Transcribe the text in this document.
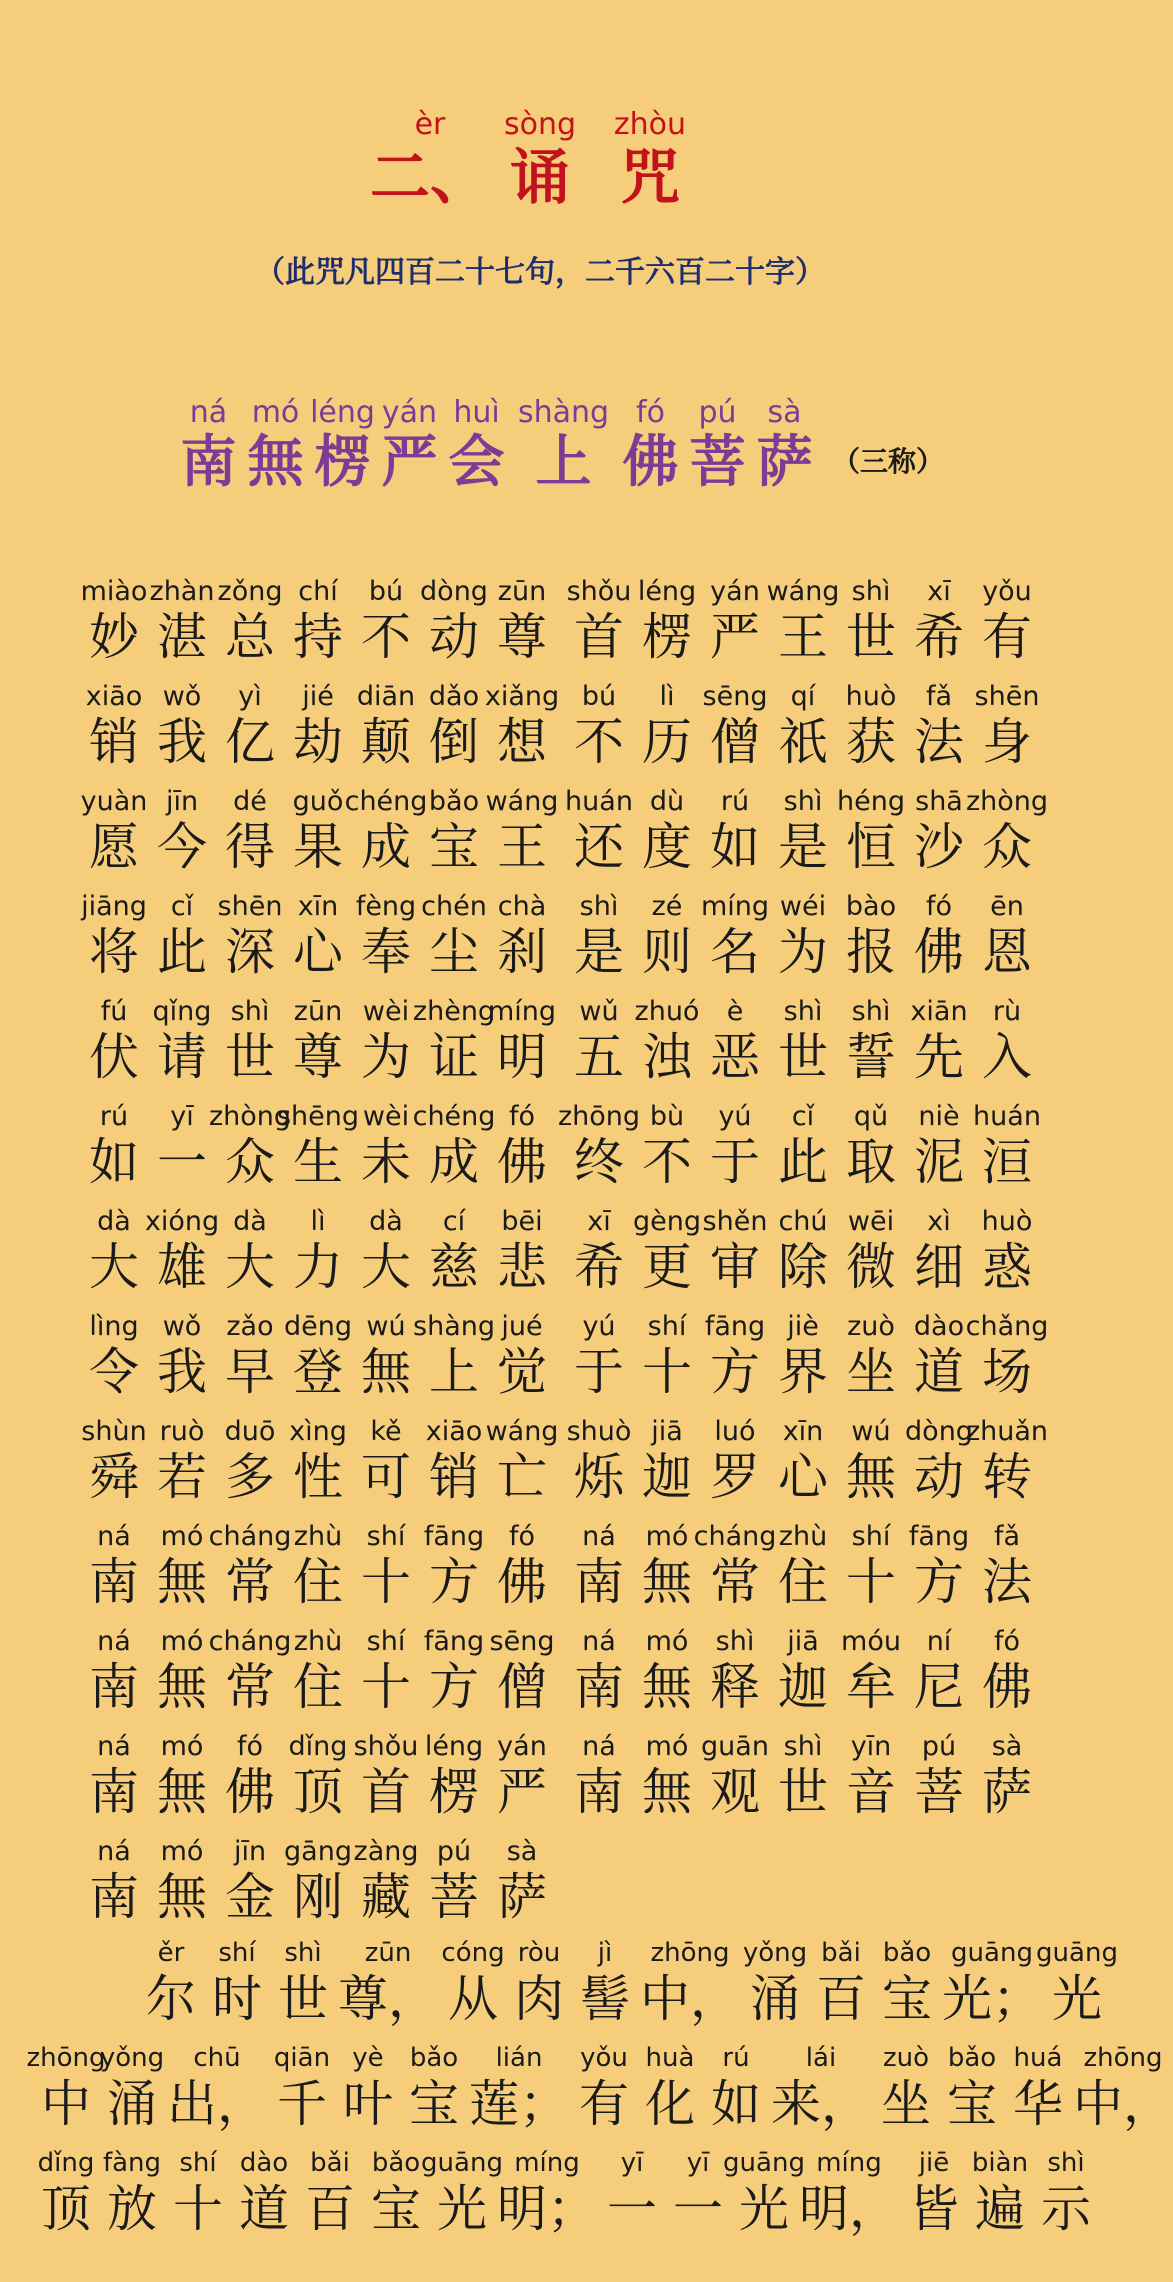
èr
二、
sòng
诵
zhòu
咒
（此咒凡四百二十七句，二千六百二十字）
ná
南
mó
無
léng
楞
yán
严
huì
会
shàng
上
fó
佛
pú
菩
sà
萨 （三称）
miào
妙
zhàn
湛
zǒng
总
chí
持
bú
不
dòng
动
zūn
尊
shǒu
首
léng
楞
yán
严
wáng
王
shì
世
xī
希
yǒu
有
xiāo
销
wǒ
我
yì
亿
jié
劫
diān
颠
dǎo
倒
xiǎng
想
bú
不
lì
历
sēng
僧
qí
祇
huò
获
fǎ
法
shēn
身
yuàn
愿
jīn
今
dé
得
guǒ
果
chéng
成
bǎo
宝
wáng
王
huán
还
dù
度
rú
如
shì
是
héng
恒
shā
沙
zhòng
众
jiāng
将
cǐ
此
shēn
深
xīn
心
fèng
奉
chén
尘
chà
刹
shì
是
zé
则
míng
名
wéi
为
bào
报
fó
佛
ēn
恩
fú
伏
qǐng
请
shì
世
zūn
尊
wèi
为
zhèng
证
míng
明
wǔ
五
zhuó
浊
è
恶
shì
世
shì
誓
xiān
先
rù
入
rú
如
yī
一
zhòng
众
shēng
生
wèi
未
chéng
成
fó
佛
zhōng
终
bù
不
yú
于
cǐ
此
qǔ
取
niè
泥
huán
洹
dà
大
xióng
雄
dà
大
lì
力
dà
大
cí
慈
bēi
悲
xī
希
gèng
更
shěn
审
chú
除
wēi
微
xì
细
huò
惑
lìng
令
wǒ
我
zǎo
早
dēng
登
wú
無
shàng
上
jué
觉
yú
于
shí
十
fāng
方
jiè
界
zuò
坐
dào
道
chǎng
场
shùn
舜
ruò
若
duō
多
xìng
性
kě
可
xiāo
销
wáng
亡
shuò
烁
jiā
迦
luó
罗
xīn
心
wú
無
dòng
动
zhuǎn
转
ná
南
mó
無
cháng
常
zhù
住
shí
十
fāng
方
fó
佛
ná
南
mó
無
cháng
常
zhù
住
shí
十
fāng
方
fǎ
法
ná
南
mó
無
cháng
常
zhù
住
shí
十
fāng
方
sēng
僧
ná
南
mó
無
shì
释
jiā
迦
móu
牟
ní
尼
fó
佛
ná
南
mó
無
fó
佛
dǐng
顶
shǒu
首
léng
楞
yán
严
ná
南
mó
無
guān
观
shì
世
yīn
音
pú
菩
sà
萨
ná
南
mó
無
jīn
金
gāng
刚
zàng
藏
pú
菩
sà
萨
ěr
尔
shí
时
shì
世
zūn
尊，
cóng
从
ròu
肉
jì
髻
zhōng
中，
yǒng
涌
bǎi
百
bǎo
宝
guāng
光；
guāng
光
zhōng
中
yǒng
涌
chū
出，
qiān
千
yè
叶
bǎo
宝
lián
莲；
yǒu
有
huà
化
rú
如
lái
来，
zuò
坐
bǎo
宝
huá
华
zhōng
中，
dǐng
顶
fàng
放
shí
十
dào
道
bǎi
百
bǎo
宝
guāng
光
míng
明；
yī
一
yī
一
guāng
光
míng
明，
jiē
皆
biàn
遍
shì
示
